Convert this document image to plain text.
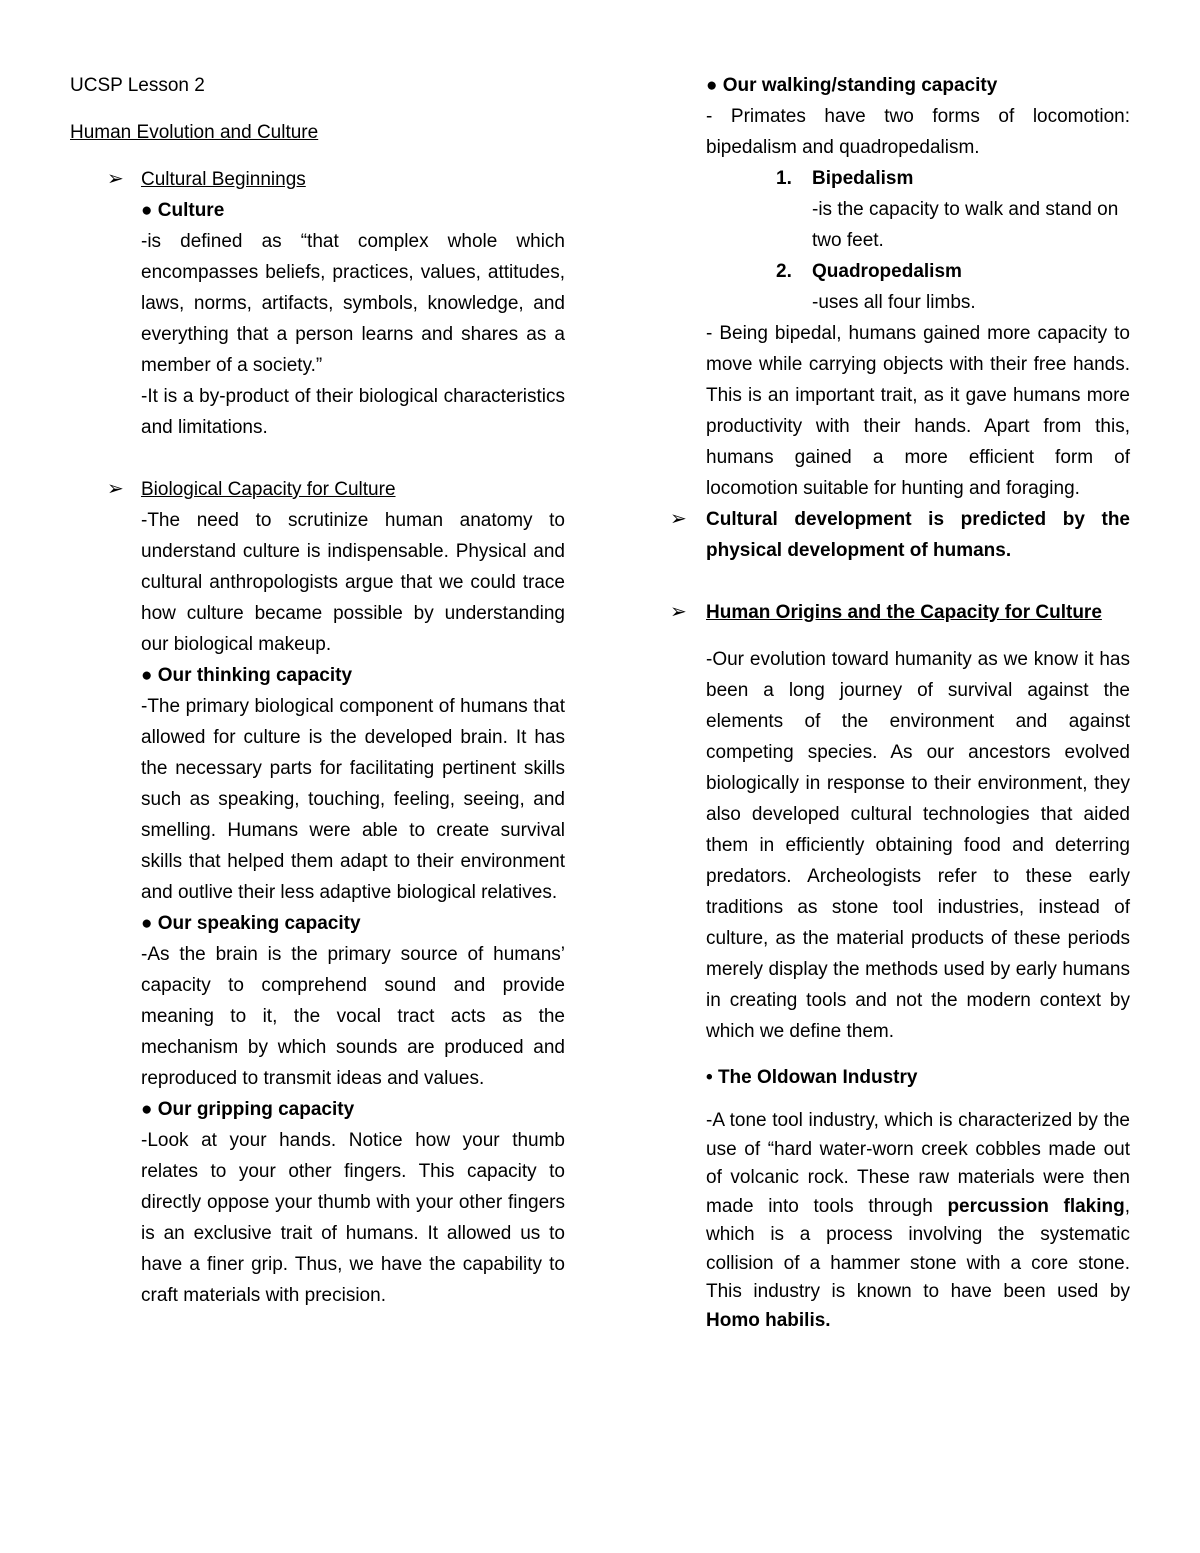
UCSP Lesson 2
Human Evolution and Culture
➢ Cultural Beginnings
● Culture
-is defined as “that complex whole which encompasses beliefs, practices, values, attitudes, laws, norms, artifacts, symbols, knowledge, and everything that a person learns and shares as a member of a society.”
-It is a by-product of their biological characteristics and limitations.
➢ Biological Capacity for Culture
-The need to scrutinize human anatomy to understand culture is indispensable. Physical and cultural anthropologists argue that we could trace how culture became possible by understanding our biological makeup.
● Our thinking capacity
-The primary biological component of humans that allowed for culture is the developed brain. It has the necessary parts for facilitating pertinent skills such as speaking, touching, feeling, seeing, and smelling. Humans were able to create survival skills that helped them adapt to their environment and outlive their less adaptive biological relatives.
● Our speaking capacity
-As the brain is the primary source of humans’ capacity to comprehend sound and provide meaning to it, the vocal tract acts as the mechanism by which sounds are produced and reproduced to transmit ideas and values.
● Our gripping capacity
-Look at your hands. Notice how your thumb relates to your other fingers. This capacity to directly oppose your thumb with your other fingers is an exclusive trait of humans. It allowed us to have a finer grip. Thus, we have the capability to craft materials with precision.
● Our walking/standing capacity
- Primates have two forms of locomotion: bipedalism and quadropedalism.
1. Bipedalism
-is the capacity to walk and stand on two feet.
2. Quadropedalism
-uses all four limbs.
- Being bipedal, humans gained more capacity to move while carrying objects with their free hands. This is an important trait, as it gave humans more productivity with their hands. Apart from this, humans gained a more efficient form of locomotion suitable for hunting and foraging.
➢ Cultural development is predicted by the physical development of humans.
➢ Human Origins and the Capacity for Culture
-Our evolution toward humanity as we know it has been a long journey of survival against the elements of the environment and against competing species. As our ancestors evolved biologically in response to their environment, they also developed cultural technologies that aided them in efficiently obtaining food and deterring predators. Archeologists refer to these early traditions as stone tool industries, instead of culture, as the material products of these periods merely display the methods used by early humans in creating tools and not the modern context by which we define them.
• The Oldowan Industry
-A tone tool industry, which is characterized by the use of “hard water-worn creek cobbles made out of volcanic rock. These raw materials were then made into tools through percussion flaking, which is a process involving the systematic collision of a hammer stone with a core stone. This industry is known to have been used by Homo habilis.
